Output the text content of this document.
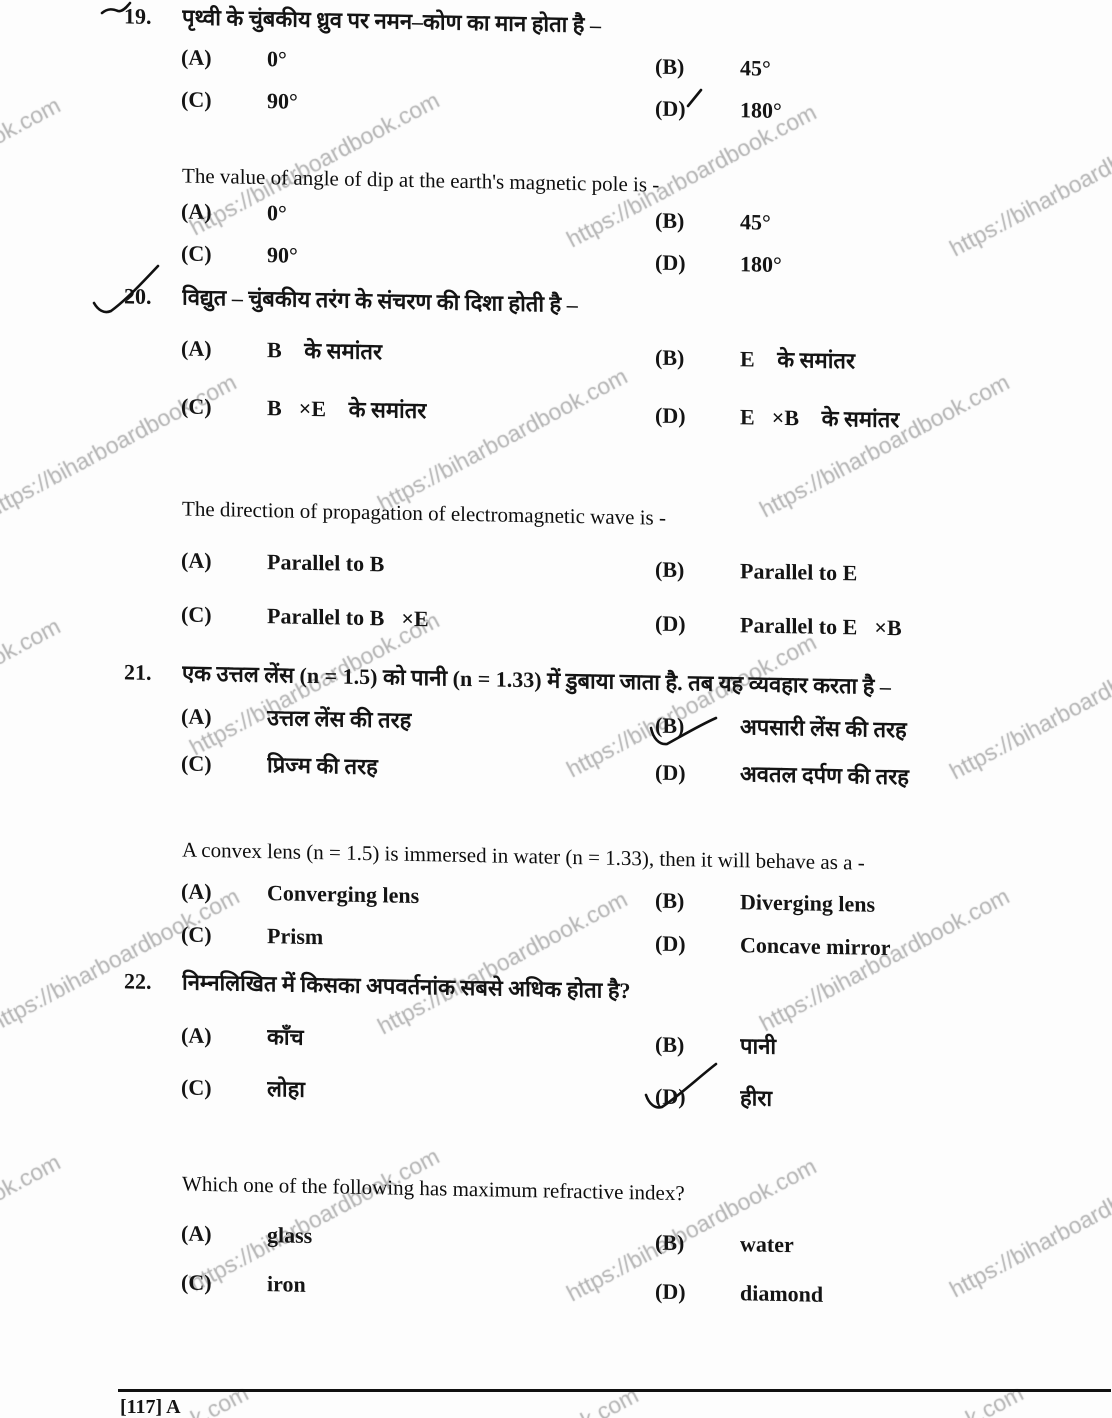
19.	पृथ्वी के चुंबकीय ध्रुव पर नमन–कोण का मान होता है –
(A)	0°	(B)	45°
(C)	90°	(D)	180°
The value of angle of dip at the earth's magnetic pole is -
(A)	0°	(B)	45°
(C)	90°	(D)	180°
20.	विद्युत – चुंबकीय तरंग के संचरण की दिशा होती है –
(A)	B⃗ के समांतर	(B)	E⃗ के समांतर
(C)	B⃗×E⃗ के समांतर	(D)	E⃗×B⃗ के समांतर
The direction of propagation of electromagnetic wave is -
(A)	Parallel to B⃗	(B)	Parallel to E⃗
(C)	Parallel to B⃗×E⃗	(D)	Parallel to E⃗×B⃗
21.	एक उत्तल लेंस (n = 1.5) को पानी (n = 1.33) में डुबाया जाता है. तब यह व्यवहार करता है –
(A)	उत्तल लेंस की तरह	(B)	अपसारी लेंस की तरह
(C)	प्रिज्म की तरह	(D)	अवतल दर्पण की तरह
A convex lens (n = 1.5) is immersed in water (n = 1.33), then it will behave as a -
(A)	Converging lens	(B)	Diverging lens
(C)	Prism	(D)	Concave mirror
22.	निम्नलिखित में किसका अपवर्तनांक सबसे अधिक होता है?
(A)	काँच	(B)	पानी
(C)	लोहा	(D)	हीरा
Which one of the following has maximum refractive index?
(A)	glass	(B)	water
(C)	iron	(D)	diamond
[117] A
